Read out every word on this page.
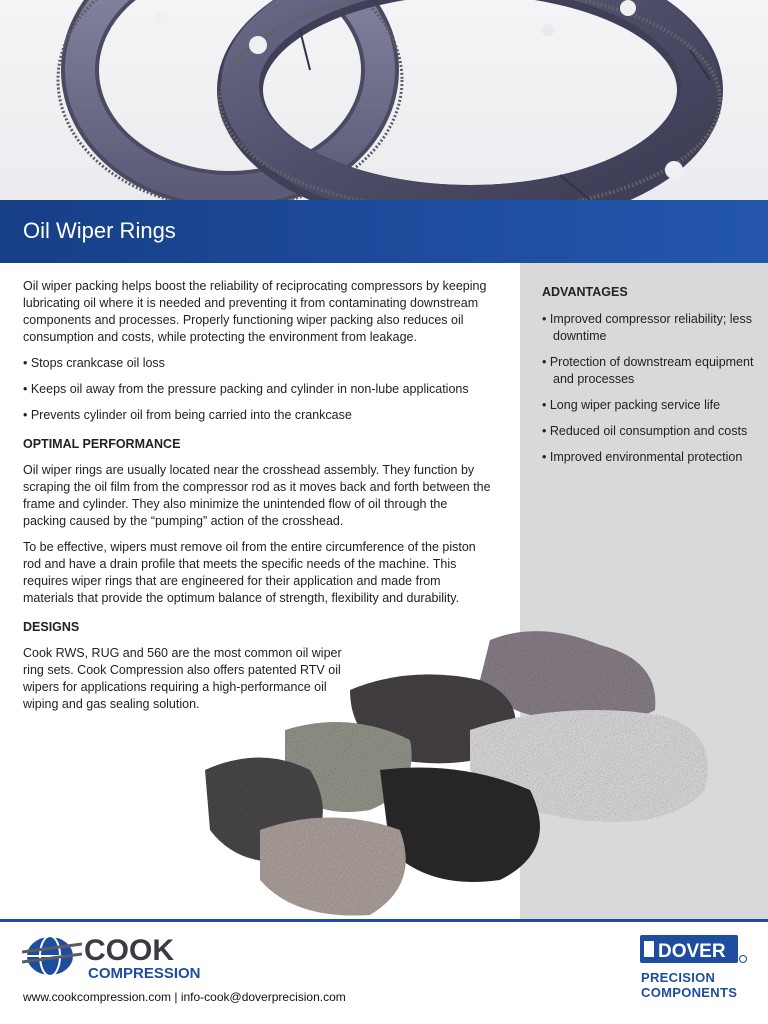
Oil Wiper Rings
ADVANTAGES
• Improved compressor reliability; less downtime
• Protection of downstream equipment and processes
• Long wiper packing service life
• Reduced oil consumption and costs
• Improved environmental protection

Oil wiper packing helps boost the reliability of reciprocating compressors by keeping lubricating oil where it is needed and preventing it from contaminating downstream components and processes. Properly functioning wiper packing also reduces oil consumption and costs, while protecting the environment from leakage.

• Stops crankcase oil loss
• Keeps oil away from the pressure packing and cylinder in non-lube applications
• Prevents cylinder oil from being carried into the crankcase
OPTIMAL PERFORMANCE

Oil wiper rings are usually located near the crosshead assembly. They function by scraping the oil film from the compressor rod as it moves back and forth between the frame and cylinder. They also minimize the unintended flow of oil through the packing caused by the “pumping” action of the crosshead.

To be effective, wipers must remove oil from the entire circumference of the piston rod and have a drain profile that meets the specific needs of the machine. This requires wiper rings that are engineered for their application and made from materials that provide the optimum balance of strength, flexibility and durability.

DESIGNS

Cook RWS, RUG and 560 are the most common oil wiper ring sets. Cook Compression also offers patented RTV oil wipers for applications requiring a high-performance oil wiping and gas sealing solution.

COOK
COMPRESSION
www.cookcompression.com | info-cook@doverprecision.com
DOVER
PRECISION
COMPONENTS
